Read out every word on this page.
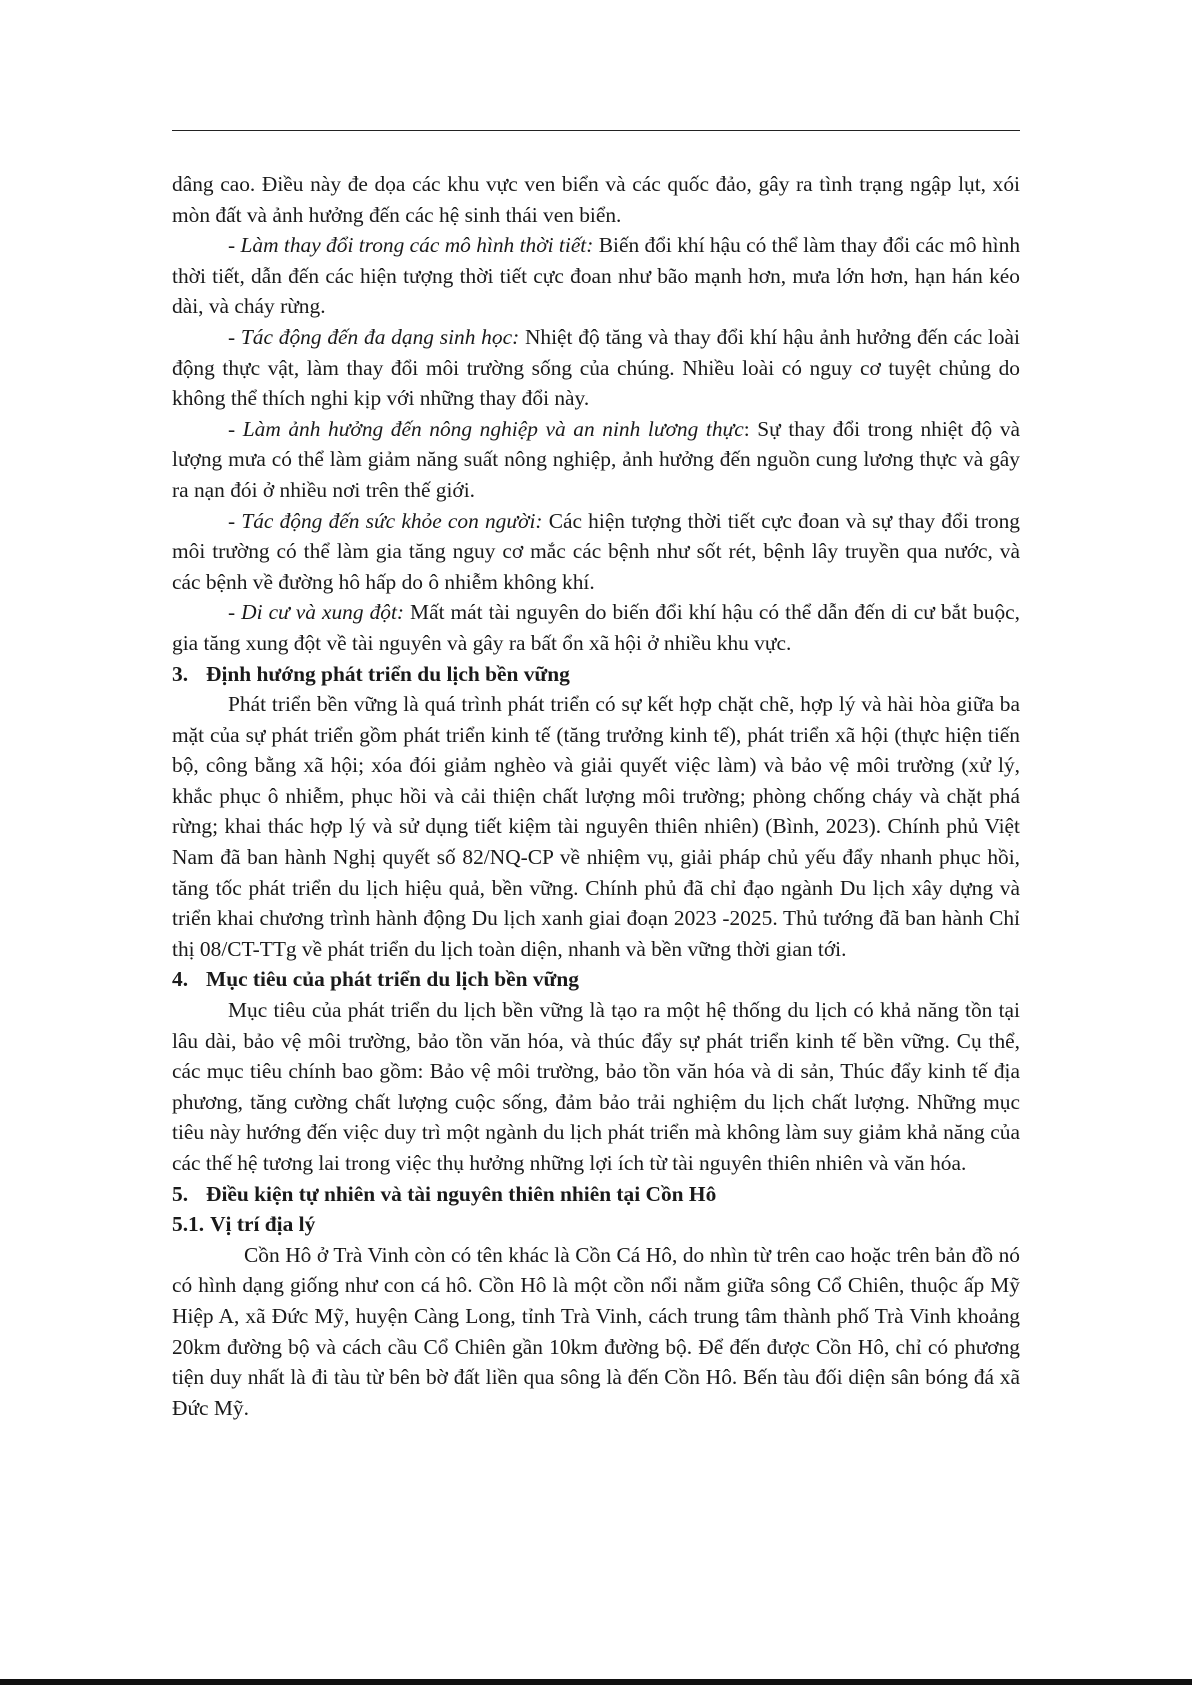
dâng cao. Điều này đe dọa các khu vực ven biển và các quốc đảo, gây ra tình trạng ngập lụt, xói mòn đất và ảnh hưởng đến các hệ sinh thái ven biển.

- Làm thay đổi trong các mô hình thời tiết: Biến đổi khí hậu có thể làm thay đổi các mô hình thời tiết, dẫn đến các hiện tượng thời tiết cực đoan như bão mạnh hơn, mưa lớn hơn, hạn hán kéo dài, và cháy rừng.

- Tác động đến đa dạng sinh học: Nhiệt độ tăng và thay đổi khí hậu ảnh hưởng đến các loài động thực vật, làm thay đổi môi trường sống của chúng. Nhiều loài có nguy cơ tuyệt chủng do không thể thích nghi kịp với những thay đổi này.

- Làm ảnh hưởng đến nông nghiệp và an ninh lương thực: Sự thay đổi trong nhiệt độ và lượng mưa có thể làm giảm năng suất nông nghiệp, ảnh hưởng đến nguồn cung lương thực và gây ra nạn đói ở nhiều nơi trên thế giới.

- Tác động đến sức khỏe con người: Các hiện tượng thời tiết cực đoan và sự thay đổi trong môi trường có thể làm gia tăng nguy cơ mắc các bệnh như sốt rét, bệnh lây truyền qua nước, và các bệnh về đường hô hấp do ô nhiễm không khí.

- Di cư và xung đột: Mất mát tài nguyên do biến đổi khí hậu có thể dẫn đến di cư bắt buộc, gia tăng xung đột về tài nguyên và gây ra bất ổn xã hội ở nhiều khu vực.

3. Định hướng phát triển du lịch bền vững

Phát triển bền vững là quá trình phát triển có sự kết hợp chặt chẽ, hợp lý và hài hòa giữa ba mặt của sự phát triển gồm phát triển kinh tế (tăng trưởng kinh tế), phát triển xã hội (thực hiện tiến bộ, công bằng xã hội; xóa đói giảm nghèo và giải quyết việc làm) và bảo vệ môi trường (xử lý, khắc phục ô nhiễm, phục hồi và cải thiện chất lượng môi trường; phòng chống cháy và chặt phá rừng; khai thác hợp lý và sử dụng tiết kiệm tài nguyên thiên nhiên) (Bình, 2023). Chính phủ Việt Nam đã ban hành Nghị quyết số 82/NQ-CP về nhiệm vụ, giải pháp chủ yếu đẩy nhanh phục hồi, tăng tốc phát triển du lịch hiệu quả, bền vững. Chính phủ đã chỉ đạo ngành Du lịch xây dựng và triển khai chương trình hành động Du lịch xanh giai đoạn 2023 -2025. Thủ tướng đã ban hành Chỉ thị 08/CT-TTg về phát triển du lịch toàn diện, nhanh và bền vững thời gian tới.

4. Mục tiêu của phát triển du lịch bền vững

Mục tiêu của phát triển du lịch bền vững là tạo ra một hệ thống du lịch có khả năng tồn tại lâu dài, bảo vệ môi trường, bảo tồn văn hóa, và thúc đẩy sự phát triển kinh tế bền vững. Cụ thể, các mục tiêu chính bao gồm: Bảo vệ môi trường, bảo tồn văn hóa và di sản, Thúc đẩy kinh tế địa phương, tăng cường chất lượng cuộc sống, đảm bảo trải nghiệm du lịch chất lượng. Những mục tiêu này hướng đến việc duy trì một ngành du lịch phát triển mà không làm suy giảm khả năng của các thế hệ tương lai trong việc thụ hưởng những lợi ích từ tài nguyên thiên nhiên và văn hóa.

5. Điều kiện tự nhiên và tài nguyên thiên nhiên tại Cồn Hô
5.1. Vị trí địa lý

Cồn Hô ở Trà Vinh còn có tên khác là Cồn Cá Hô, do nhìn từ trên cao hoặc trên bản đồ nó có hình dạng giống như con cá hô. Cồn Hô là một cồn nổi nằm giữa sông Cổ Chiên, thuộc ấp Mỹ Hiệp A, xã Đức Mỹ, huyện Càng Long, tỉnh Trà Vinh, cách trung tâm thành phố Trà Vinh khoảng 20km đường bộ và cách cầu Cổ Chiên gần 10km đường bộ. Để đến được Cồn Hô, chỉ có phương tiện duy nhất là đi tàu từ bên bờ đất liền qua sông là đến Cồn Hô. Bến tàu đối diện sân bóng đá xã Đức Mỹ.
